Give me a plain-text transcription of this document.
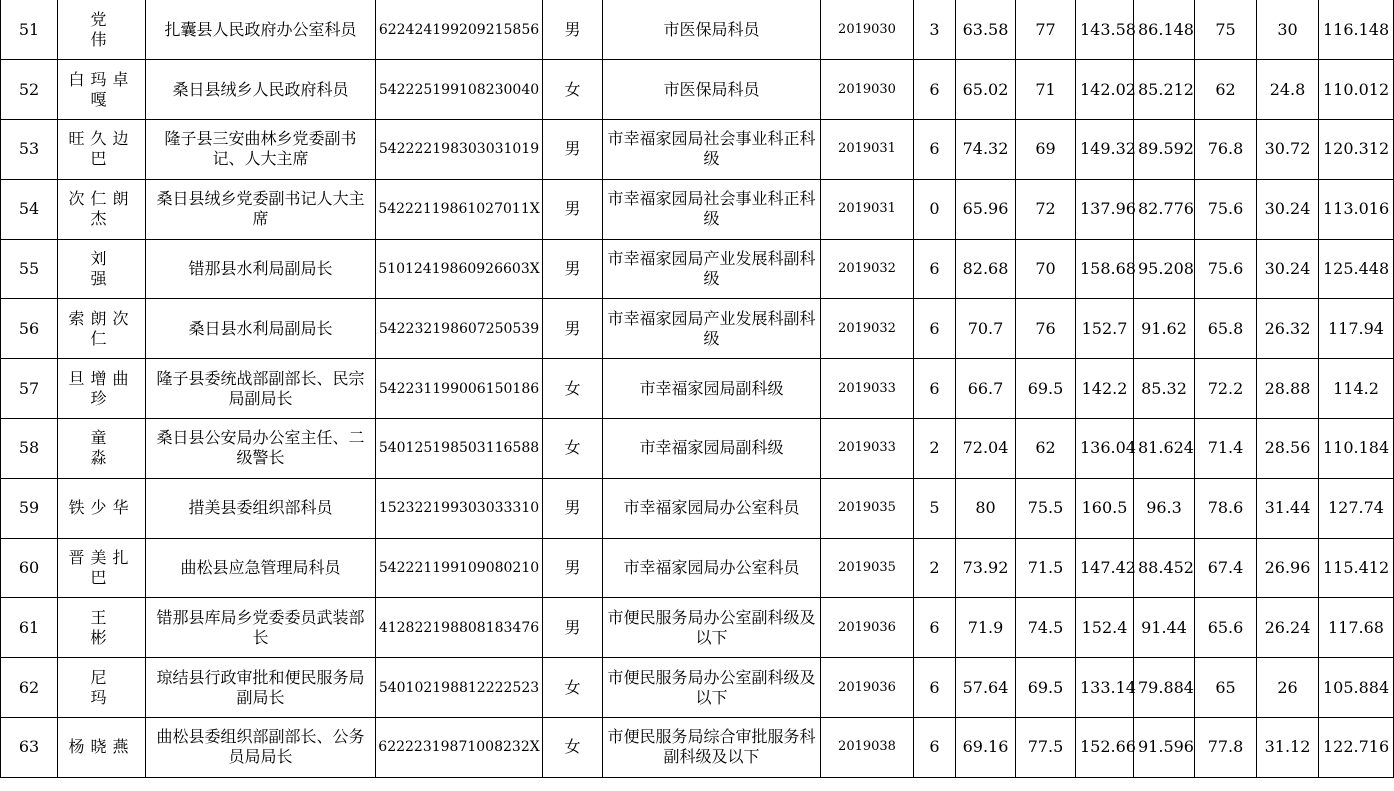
51	党　　伟	扎囊县人民政府办公室科员	622424199209215856	男	市医保局科员	2019030	3	63.58	77	143.58	86.148	75	30	116.148
52	白玛卓嘎	桑日县绒乡人民政府科员	542225199108230040	女	市医保局科员	2019030	6	65.02	71	142.02	85.212	62	24.8	110.012
53	旺久边巴	隆子县三安曲林乡党委副书记、人大主席	542222198303031019	男	市幸福家园局社会事业科正科级	2019031	6	74.32	69	149.32	89.592	76.8	30.72	120.312
54	次仁朗杰	桑日县绒乡党委副书记人大主席	54222119861027011X	男	市幸福家园局社会事业科正科级	2019031	0	65.96	72	137.96	82.776	75.6	30.24	113.016
55	刘　　强	错那县水利局副局长	51012419860926603X	男	市幸福家园局产业发展科副科级	2019032	6	82.68	70	158.68	95.208	75.6	30.24	125.448
56	索朗次仁	桑日县水利局副局长	542232198607250539	男	市幸福家园局产业发展科副科级	2019032	6	70.7	76	152.7	91.62	65.8	26.32	117.94
57	旦增曲珍	隆子县委统战部副部长、民宗局副局长	542231199006150186	女	市幸福家园局副科级	2019033	6	66.7	69.5	142.2	85.32	72.2	28.88	114.2
58	童　　淼	桑日县公安局办公室主任、二级警长	540125198503116588	女	市幸福家园局副科级	2019033	2	72.04	62	136.04	81.624	71.4	28.56	110.184
59	铁少华	措美县委组织部科员	152322199303033310	男	市幸福家园局办公室科员	2019035	5	80	75.5	160.5	96.3	78.6	31.44	127.74
60	晋美扎巴	曲松县应急管理局科员	542221199109080210	男	市幸福家园局办公室科员	2019035	2	73.92	71.5	147.42	88.452	67.4	26.96	115.412
61	王　　彬	错那县库局乡党委委员武装部长	412822198808183476	男	市便民服务局办公室副科级及以下	2019036	6	71.9	74.5	152.4	91.44	65.6	26.24	117.68
62	尼　　玛	琼结县行政审批和便民服务局副局长	540102198812222523	女	市便民服务局办公室副科级及以下	2019036	6	57.64	69.5	133.14	79.884	65	26	105.884
63	杨晓燕	曲松县委组织部副部长、公务员局局长	62222319871008232X	女	市便民服务局综合审批服务科副科级及以下	2019038	6	69.16	77.5	152.66	91.596	77.8	31.12	122.716
